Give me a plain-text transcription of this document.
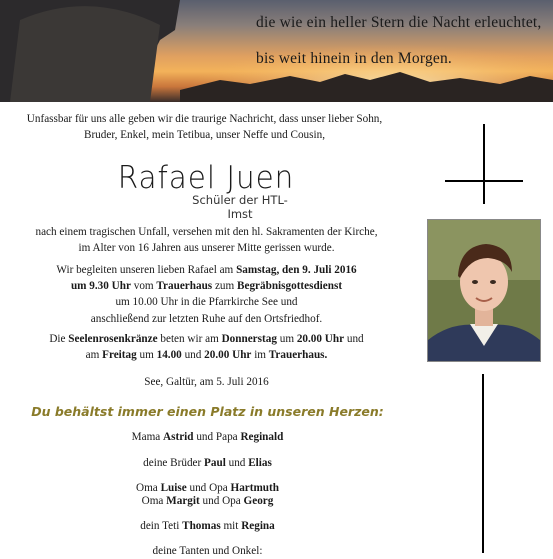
die wie ein heller Stern die Nacht erleuchtet,

bis weit hinein in den Morgen.

Unfassbar für uns alle geben wir die traurige Nachricht, dass unser lieber Sohn,
Bruder, Enkel, mein Tetibua, unser Neffe und Cousin,
Rafael Juen
Schüler der HTL-Imst
nach einem tragischen Unfall, versehen mit den hl. Sakramenten der Kirche,
im Alter von 16 Jahren aus unserer Mitte gerissen wurde.
Wir begleiten unseren lieben Rafael am Samstag, den 9. Juli 2016
um 9.30 Uhr vom Trauerhaus zum Begräbnisgottesdienst
um 10.00 Uhr in die Pfarrkirche See und
anschließend zur letzten Ruhe auf den Ortsfriedhof.
Die Seelenrosenkränze beten wir am Donnerstag um 20.00 Uhr und
am Freitag um 14.00 und 20.00 Uhr im Trauerhaus.
See, Galtür, am 5. Juli 2016
Du behältst immer einen Platz in unseren Herzen:
Mama Astrid und Papa Reginald
deine Brüder Paul und Elias
Oma Luise und Opa Hartmuth
Oma Margit und Opa Georg
dein Teti Thomas mit Regina
deine Tanten und Onkel:
